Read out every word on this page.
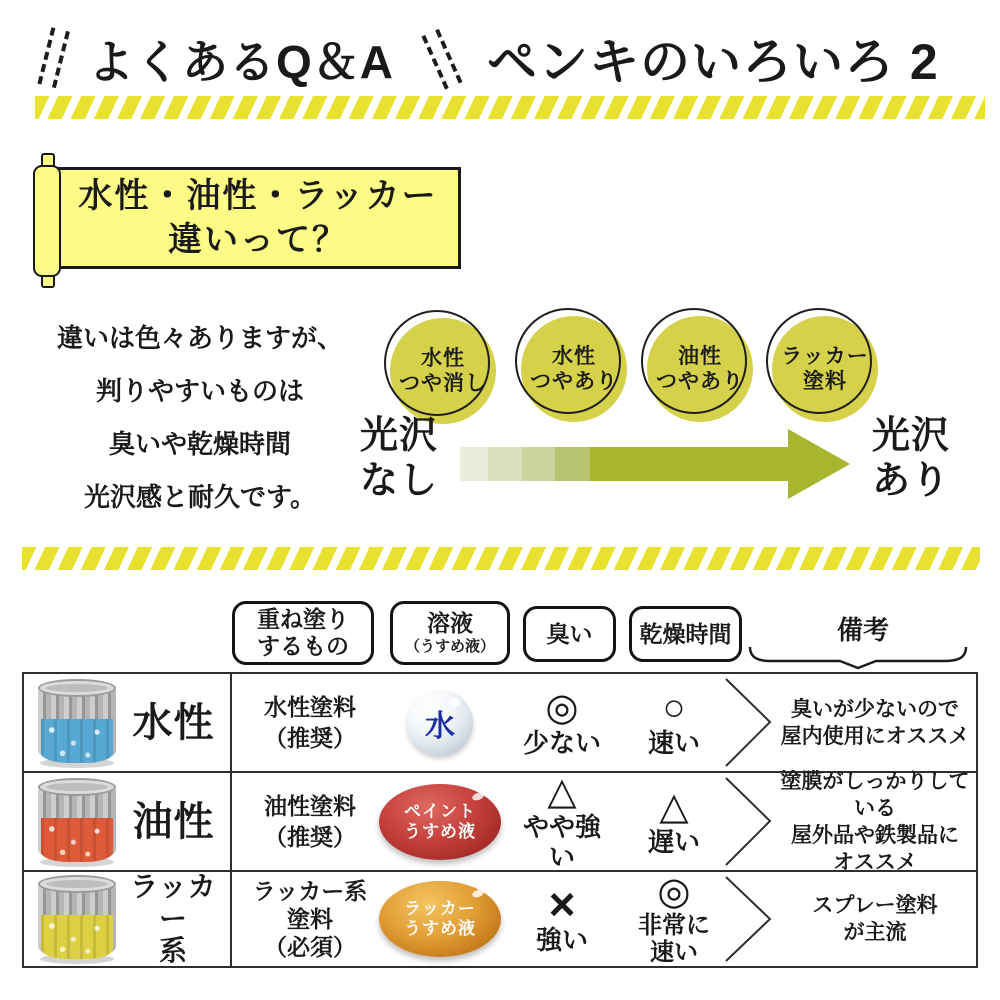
よくあるQ＆A ペンキのいろいろ 2
水性・油性・ラッカー
違いって？
違いは色々ありますが、
判りやすいものは
臭いや乾燥時間
光沢感と耐久です。
水性
つや消し
水性
つやあり
油性
つやあり
ラッカー
塗料
光沢
なし
光沢
あり
重ね塗り
するもの
溶液
（うすめ液） 臭い 乾燥時間	備考
水性 水性塗料
（推奨） 水 ◎
少ない
○
速い
臭いが少ないので
屋内使用にオススメ
油性 油性塗料
（推奨）
ペイント
うすめ液
△
やや強い
△
遅い
塗膜がしっかりしている
屋外品や鉄製品に
オススメ
ラッカー
系
ラッカー系
塗料
（必須）
ラッカー
うすめ液 ×
強い
◎
非常に
速い
スプレー塗料
が主流
